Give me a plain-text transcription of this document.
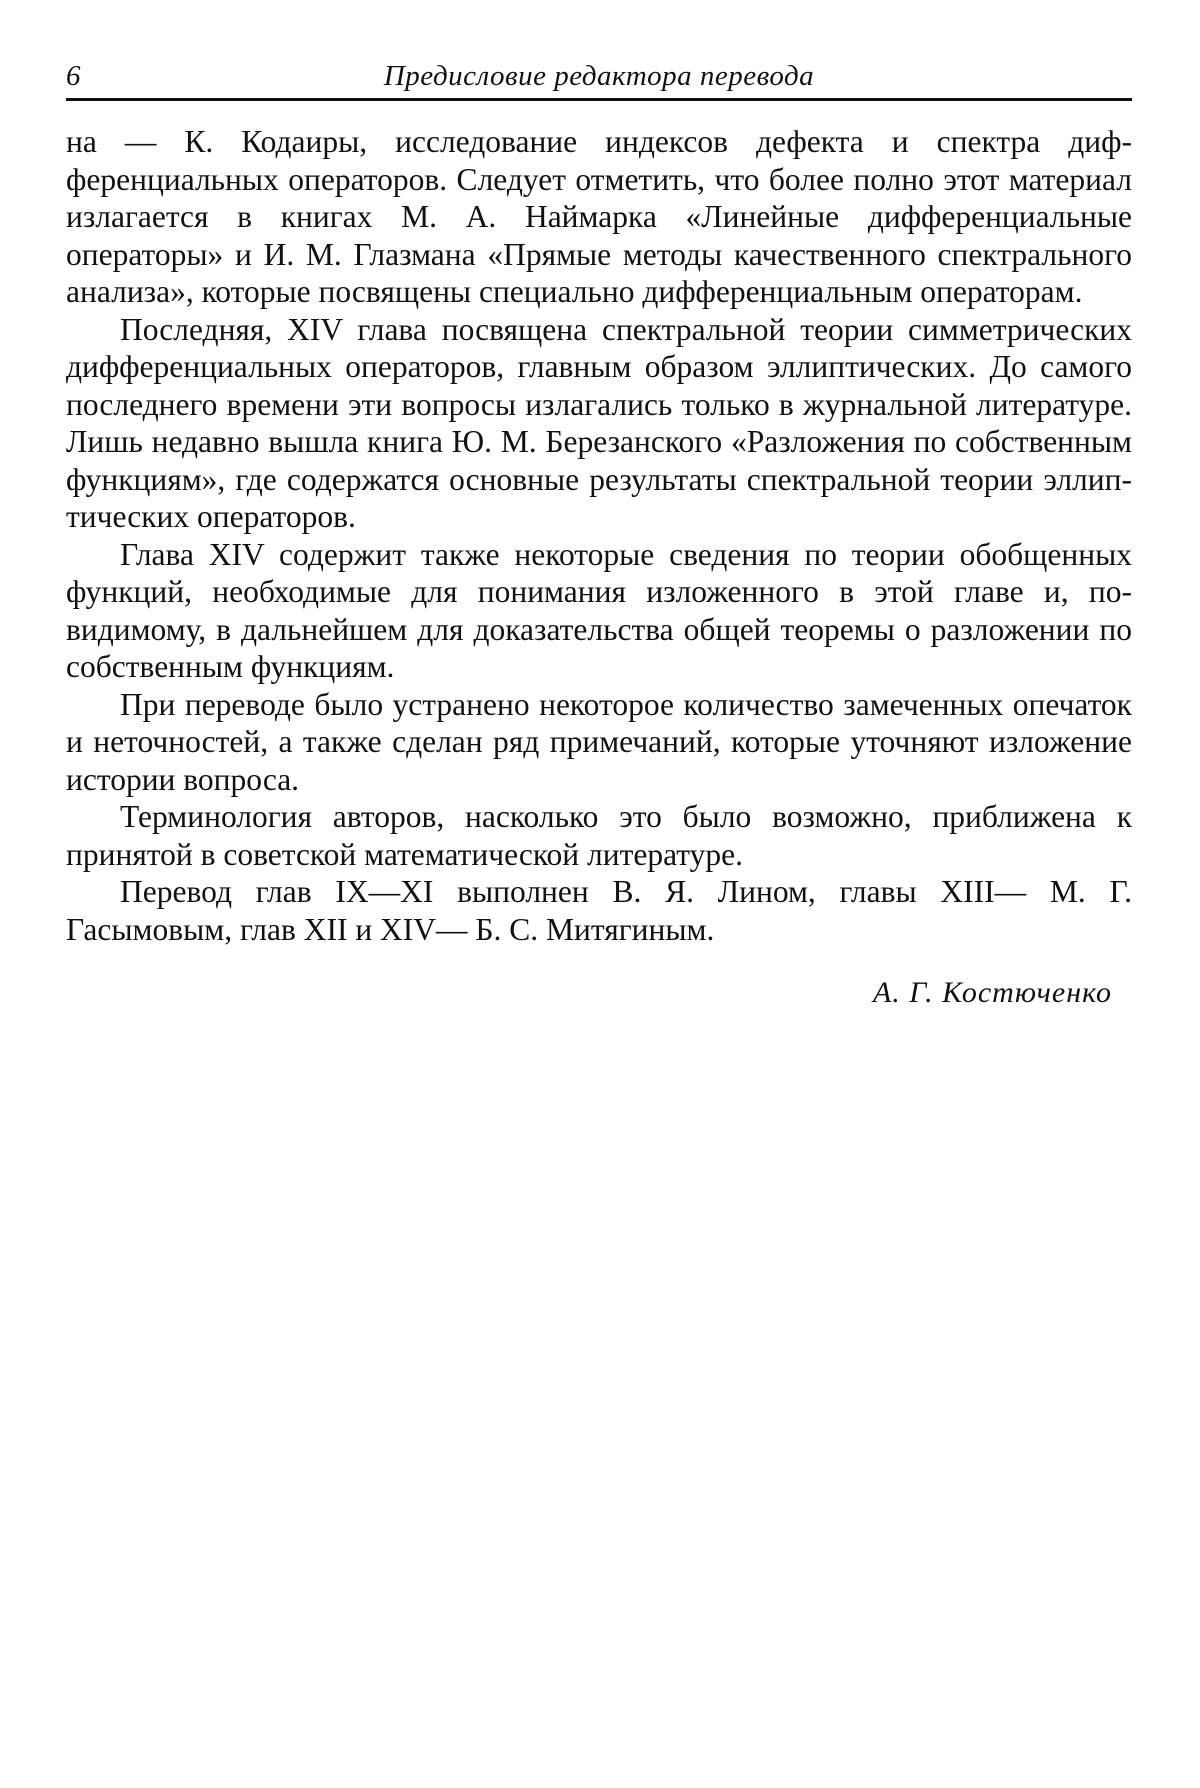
6	Предисловие редактора перевода

на — К. Кодаиры, исследование индексов дефекта и спектра дифференциальных операторов. Следует отметить, что более полно этот материал излагается в книгах М. А. Наймарка «Линейные дифференциальные операторы» и И. М. Глазмана «Прямые методы качественного спектрального анализа», которые посвящены специально дифференциальным операторам.

Последняя, XIV глава посвящена спектральной теории симметрических дифференциальных операторов, главным образом эллиптических. До самого последнего времени эти вопросы излагались только в журнальной литературе. Лишь недавно вышла книга Ю. М. Березанского «Разложения по собственным функциям», где содержатся основные результаты спектральной теории эллиптических операторов.

Глава XIV содержит также некоторые сведения по теории обобщенных функций, необходимые для понимания изложенного в этой главе и, по-видимому, в дальнейшем для доказательства общей теоремы о разложении по собственным функциям.

При переводе было устранено некоторое количество замеченных опечаток и неточностей, а также сделан ряд примечаний, которые уточняют изложение истории вопроса.

Терминология авторов, насколько это было возможно, приближена к принятой в советской математической литературе.

Перевод глав IX—XI выполнен В. Я. Лином, главы XIII— М. Г. Гасымовым, глав XII и XIV— Б. С. Митягиным.

А. Г. Костюченко
